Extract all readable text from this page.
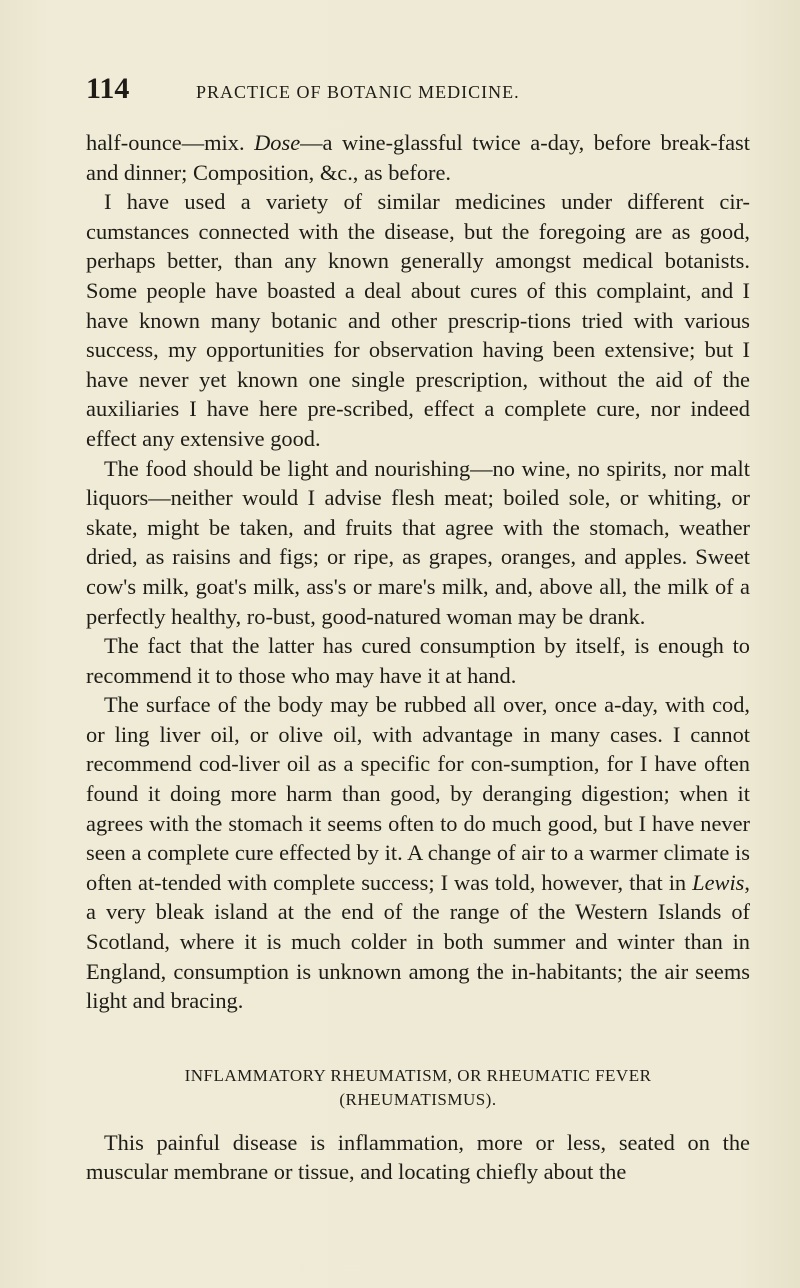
114	PRACTICE OF BOTANIC MEDICINE.

half-ounce—mix. Dose—a wine-glassful twice a-day, before break-fast and dinner; Composition, &c., as before.

I have used a variety of similar medicines under different cir-cumstances connected with the disease, but the foregoing are as good, perhaps better, than any known generally amongst medical botanists. Some people have boasted a deal about cures of this complaint, and I have known many botanic and other prescrip-tions tried with various success, my opportunities for observation having been extensive; but I have never yet known one single prescription, without the aid of the auxiliaries I have here pre-scribed, effect a complete cure, nor indeed effect any extensive good.

The food should be light and nourishing—no wine, no spirits, nor malt liquors—neither would I advise flesh meat; boiled sole, or whiting, or skate, might be taken, and fruits that agree with the stomach, weather dried, as raisins and figs; or ripe, as grapes, oranges, and apples. Sweet cow's milk, goat's milk, ass's or mare's milk, and, above all, the milk of a perfectly healthy, ro-bust, good-natured woman may be drank.

The fact that the latter has cured consumption by itself, is enough to recommend it to those who may have it at hand.

The surface of the body may be rubbed all over, once a-day, with cod, or ling liver oil, or olive oil, with advantage in many cases. I cannot recommend cod-liver oil as a specific for con-sumption, for I have often found it doing more harm than good, by deranging digestion; when it agrees with the stomach it seems often to do much good, but I have never seen a complete cure effected by it. A change of air to a warmer climate is often at-tended with complete success; I was told, however, that in Lewis, a very bleak island at the end of the range of the Western Islands of Scotland, where it is much colder in both summer and winter than in England, consumption is unknown among the in-habitants; the air seems light and bracing.

INFLAMMATORY RHEUMATISM, OR RHEUMATIC FEVER
(RHEUMATISMUS).

This painful disease is inflammation, more or less, seated on the muscular membrane or tissue, and locating chiefly about the
